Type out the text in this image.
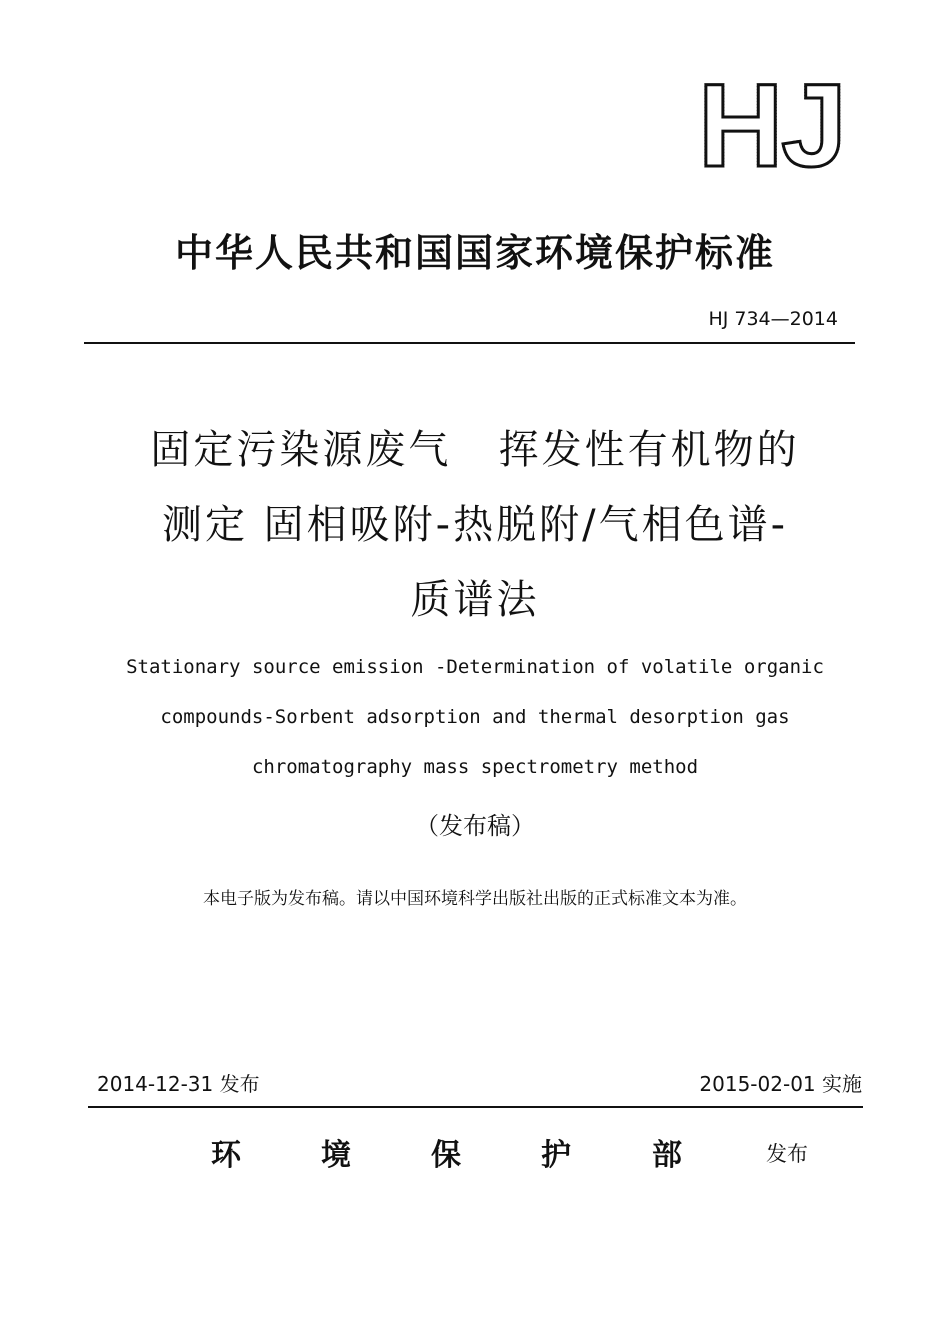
HJ
中华人民共和国国家环境保护标准
HJ 734—2014
固定污染源废气   挥发性有机物的
测定 固相吸附-热脱附/气相色谱-
质谱法
Stationary source emission -Determination of volatile organic
compounds-Sorbent adsorption and thermal desorption gas
chromatography mass spectrometry method
（发布稿）
本电子版为发布稿。请以中国环境科学出版社出版的正式标准文本为准。
2014-12-31 发布	2015-02-01 实施
环	境	保	护	部	发布
